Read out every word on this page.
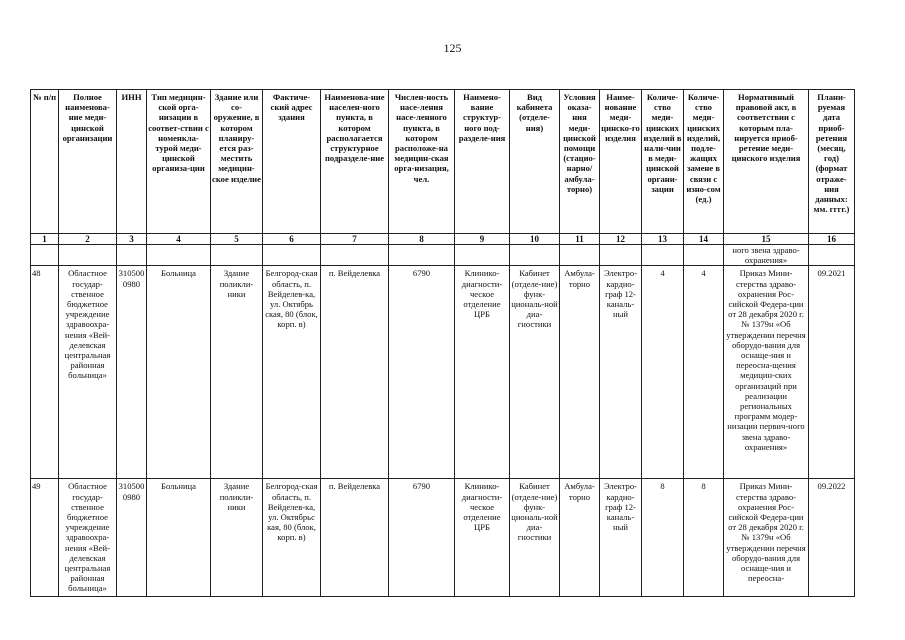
125
№ п/п	Полное наименова-ние меди-цинской организации	ИНН	Тип медицин-ской орга-низации в соответ-ствии с номенкла-турой меди-цинской организа-ции	Здание или со-оружение, в котором планиру-ется раз-местить медицин-ское изделие	Фактиче-ский адрес здания	Наименова-ние населен-ного пункта, в котором располагается структурное подразделе-ние	Числен-ность насе-ления насе-ленного пункта, в котором расположе-на медицин-ская орга-низация, чел.	Наимено-вание структур-ного под-разделе-ния	Вид кабинета (отделе-ния)	Условия оказа-ния меди-цинской помощи (стацио-нарно/ амбула-торно)	Наиме-нование меди-цинско-го изделия	Количе-ство меди-цинских изделий в нали-чии в меди-цинской органи-зации	Количе-ство меди-цинских изделий, подле-жащих замене в связи с изно-сом (ед.)	Нормативный правовой акт, в соответствии с которым пла-нируется приоб-ретение меди-цинского изделия	Плани-руемая дата приоб-ретения (месяц, год) (формат отраже-ния данных: мм. гггг.)
1	2	3	4	5	6	7	8	9	10	11	12	13	14	15	16
														ного звена здраво-охранения»	
48	Областное государ-ственное бюджетное учреждение здравоохра-нения «Вей-делевская центральная районная больница»	310500 0980	Больница	Здание поликли-ники	Белгород-ская область, п. Вейделев-ка, ул. Октябрь ская, 80 (блок, корп. в)	п. Вейделевка	6790	Клинико-диагности-ческое отделение ЦРБ	Кабинет (отделе-ние) функ-циональ-ной диа-гностики	Амбула-торно	Электро-кардио-граф 12-каналь-ный	4	4	Приказ Мини-стерства здраво-охранения Рос-сийской Федера-ции от 28 декабря 2020 г. № 1379н «Об утверждении перечня оборудо-вания для оснаще-ния и переосна-щения медицин-ских организаций при реализации региональных программ модер-низации первич-ного звена здраво-охранения»	09.2021
49	Областное государ-ственное бюджетное учреждение здравоохра-нения «Вей-делевская центральная районная больница»	310500 0980	Больница	Здание поликли-ники	Белгород-ская область, п. Вейделев-ка, ул. Октябрьс кая, 80 (блок, корп. в)	п. Вейделевка	6790	Клинико-диагности-ческое отделение ЦРБ	Кабинет (отделе-ние) функ-циональ-ной диа-гностики	Амбула-торно	Электро-кардио-граф 12-каналь-ный	8	8	Приказ Мини-стерства здраво-охранения Рос-сийской Федера-ции от 28 декабря 2020 г. № 1379н «Об утверждении перечня оборудо-вания для оснаще-ния и переосна-	09.2022
